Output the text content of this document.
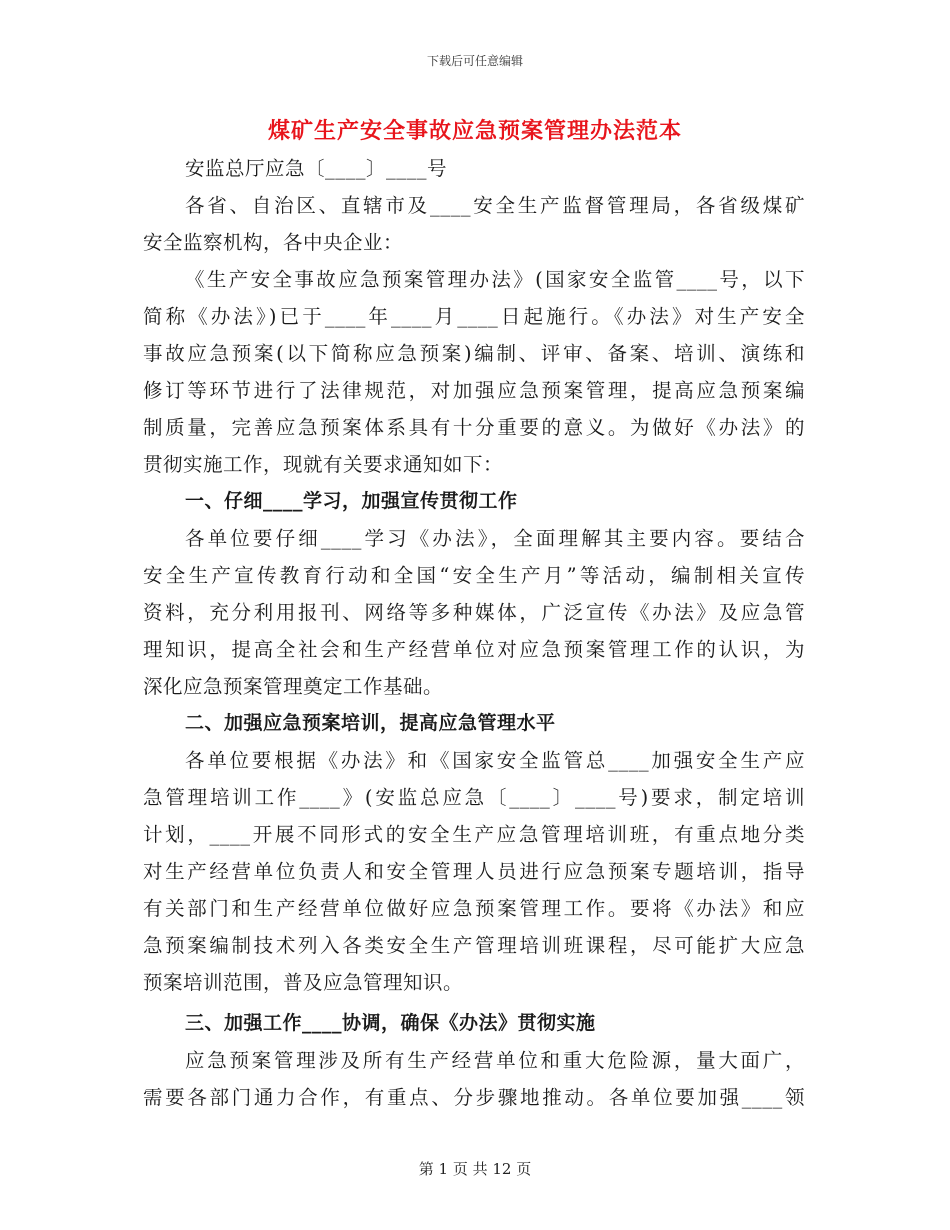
下载后可任意编辑
煤矿生产安全事故应急预案管理办法范本
安监总厅应急〔____〕____号
各省、自治区、直辖市及____安全生产监督管理局，各省级煤矿
安全监察机构，各中央企业：
《生产安全事故应急预案管理办法》(国家安全监管____号，以下
简称《办法》)已于____年____月____日起施行。《办法》对生产安全
事故应急预案(以下简称应急预案)编制、评审、备案、培训、演练和
修订等环节进行了法律规范，对加强应急预案管理，提高应急预案编
制质量，完善应急预案体系具有十分重要的意义。为做好《办法》的
贯彻实施工作，现就有关要求通知如下：
一、仔细____学习，加强宣传贯彻工作
各单位要仔细____学习《办法》，全面理解其主要内容。要结合
安全生产宣传教育行动和全国“安全生产月”等活动，编制相关宣传
资料，充分利用报刊、网络等多种媒体，广泛宣传《办法》及应急管
理知识，提高全社会和生产经营单位对应急预案管理工作的认识，为
深化应急预案管理奠定工作基础。
二、加强应急预案培训，提高应急管理水平
各单位要根据《办法》和《国家安全监管总____加强安全生产应
急管理培训工作____》(安监总应急〔____〕____号)要求，制定培训
计划，____开展不同形式的安全生产应急管理培训班，有重点地分类
对生产经营单位负责人和安全管理人员进行应急预案专题培训，指导
有关部门和生产经营单位做好应急预案管理工作。要将《办法》和应
急预案编制技术列入各类安全生产管理培训班课程，尽可能扩大应急
预案培训范围，普及应急管理知识。
三、加强工作____协调，确保《办法》贯彻实施
应急预案管理涉及所有生产经营单位和重大危险源，量大面广，
需要各部门通力合作，有重点、分步骤地推动。各单位要加强____领
第 1 页 共 12 页
